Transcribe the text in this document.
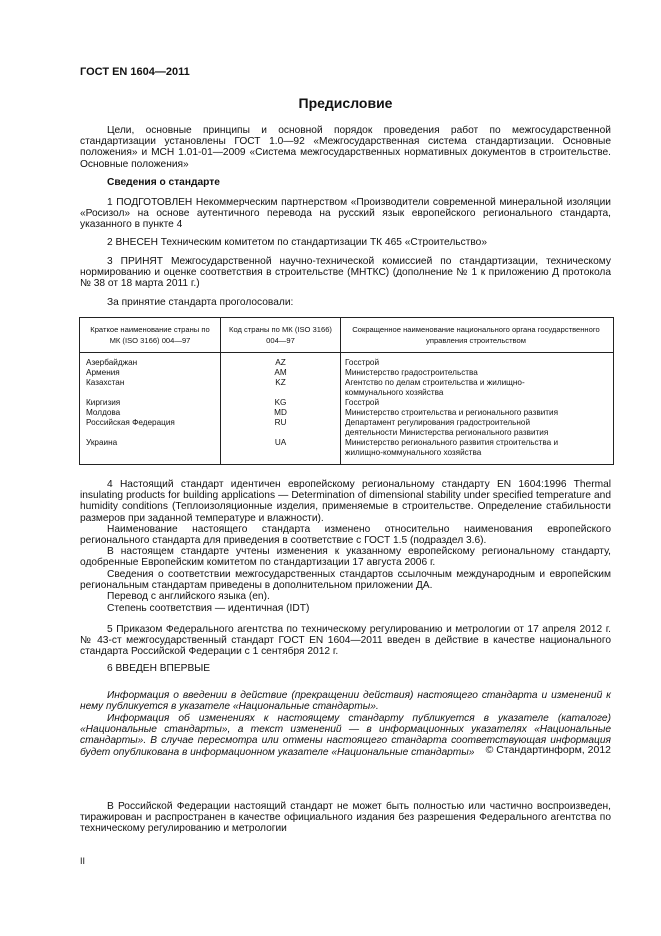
ГОСТ EN 1604—2011
Предисловие

Цели, основные принципы и основной порядок проведения работ по межгосударственной стандартизации установлены ГОСТ 1.0—92 «Межгосударственная система стандартизации. Основные положения» и МСН 1.01-01—2009 «Система межгосударственных нормативных документов в строительстве. Основные положения»

Сведения о стандарте

1 ПОДГОТОВЛЕН Некоммерческим партнерством «Производители современной минеральной изоляции «Росизол» на основе аутентичного перевода на русский язык европейского регионального стандарта, указанного в пункте 4

2 ВНЕСЕН Техническим комитетом по стандартизации ТК 465 «Строительство»

3 ПРИНЯТ Межгосударственной научно-технической комиссией по стандартизации, техническому нормированию и оценке соответствия в строительстве (МНТКС) (дополнение № 1 к приложению Д протокола № 38 от 18 марта 2011 г.)

За принятие стандарта проголосовали:

Краткое наименование страны по МК (ISO 3166) 004—97
Код страны по МК (ISO 3166) 004—97
Сокращенное наименование национального органа государственного управления строительством
Азербайджан
Армения
Казахстан
Киргизия
Молдова
Российская Федерация
Украина
AZ
AM
KZ
KG
MD
RU
UA
Госстрой
Министерство градостроительства
Агентство по делам строительства и жилищно-
коммунального хозяйства
Госстрой
Министерство строительства и регионального развития
Департамент регулирования градостроительной
деятельности Министерства регионального развития
Министерство регионального развития строительства и
жилищно-коммунального хозяйства

4 Настоящий стандарт идентичен европейскому региональному стандарту EN 1604:1996 Thermal insulating products for building applications — Determination of dimensional stability under specified temperature and humidity conditions (Теплоизоляционные изделия, применяемые в строительстве. Определение стабильности размеров при заданной температуре и влажности).

Наименование настоящего стандарта изменено относительно наименования европейского регионального стандарта для приведения в соответствие с ГОСТ 1.5 (подраздел 3.6).

В настоящем стандарте учтены изменения к указанному европейскому региональному стандарту, одобренные Европейским комитетом по стандартизации 17 августа 2006 г.

Сведения о соответствии межгосударственных стандартов ссылочным международным и европейским региональным стандартам приведены в дополнительном приложении ДА.

Перевод с английского языка (en).

Степень соответствия — идентичная (IDT)

5 Приказом Федерального агентства по техническому регулированию и метрологии от 17 апреля 2012 г. № 43-ст межгосударственный стандарт ГОСТ EN 1604—2011 введен в действие в качестве национального стандарта Российской Федерации с 1 сентября 2012 г.

6 ВВЕДЕН ВПЕРВЫЕ

Информация о введении в действие (прекращении действия) настоящего стандарта и изменений к нему публикуется в указателе «Национальные стандарты».

Информация об изменениях к настоящему стандарту публикуется в указателе (каталоге) «Национальные стандарты», а текст изменений — в информационных указателях «Национальные стандарты». В случае пересмотра или отмены настоящего стандарта соответствующая информация будет опубликована в информационном указателе «Национальные стандарты»	© Стандартинформ, 2012

В Российской Федерации настоящий стандарт не может быть полностью или частично воспроизведен, тиражирован и распространен в качестве официального издания без разрешения Федерального агентства по техническому регулированию и метрологии

II
